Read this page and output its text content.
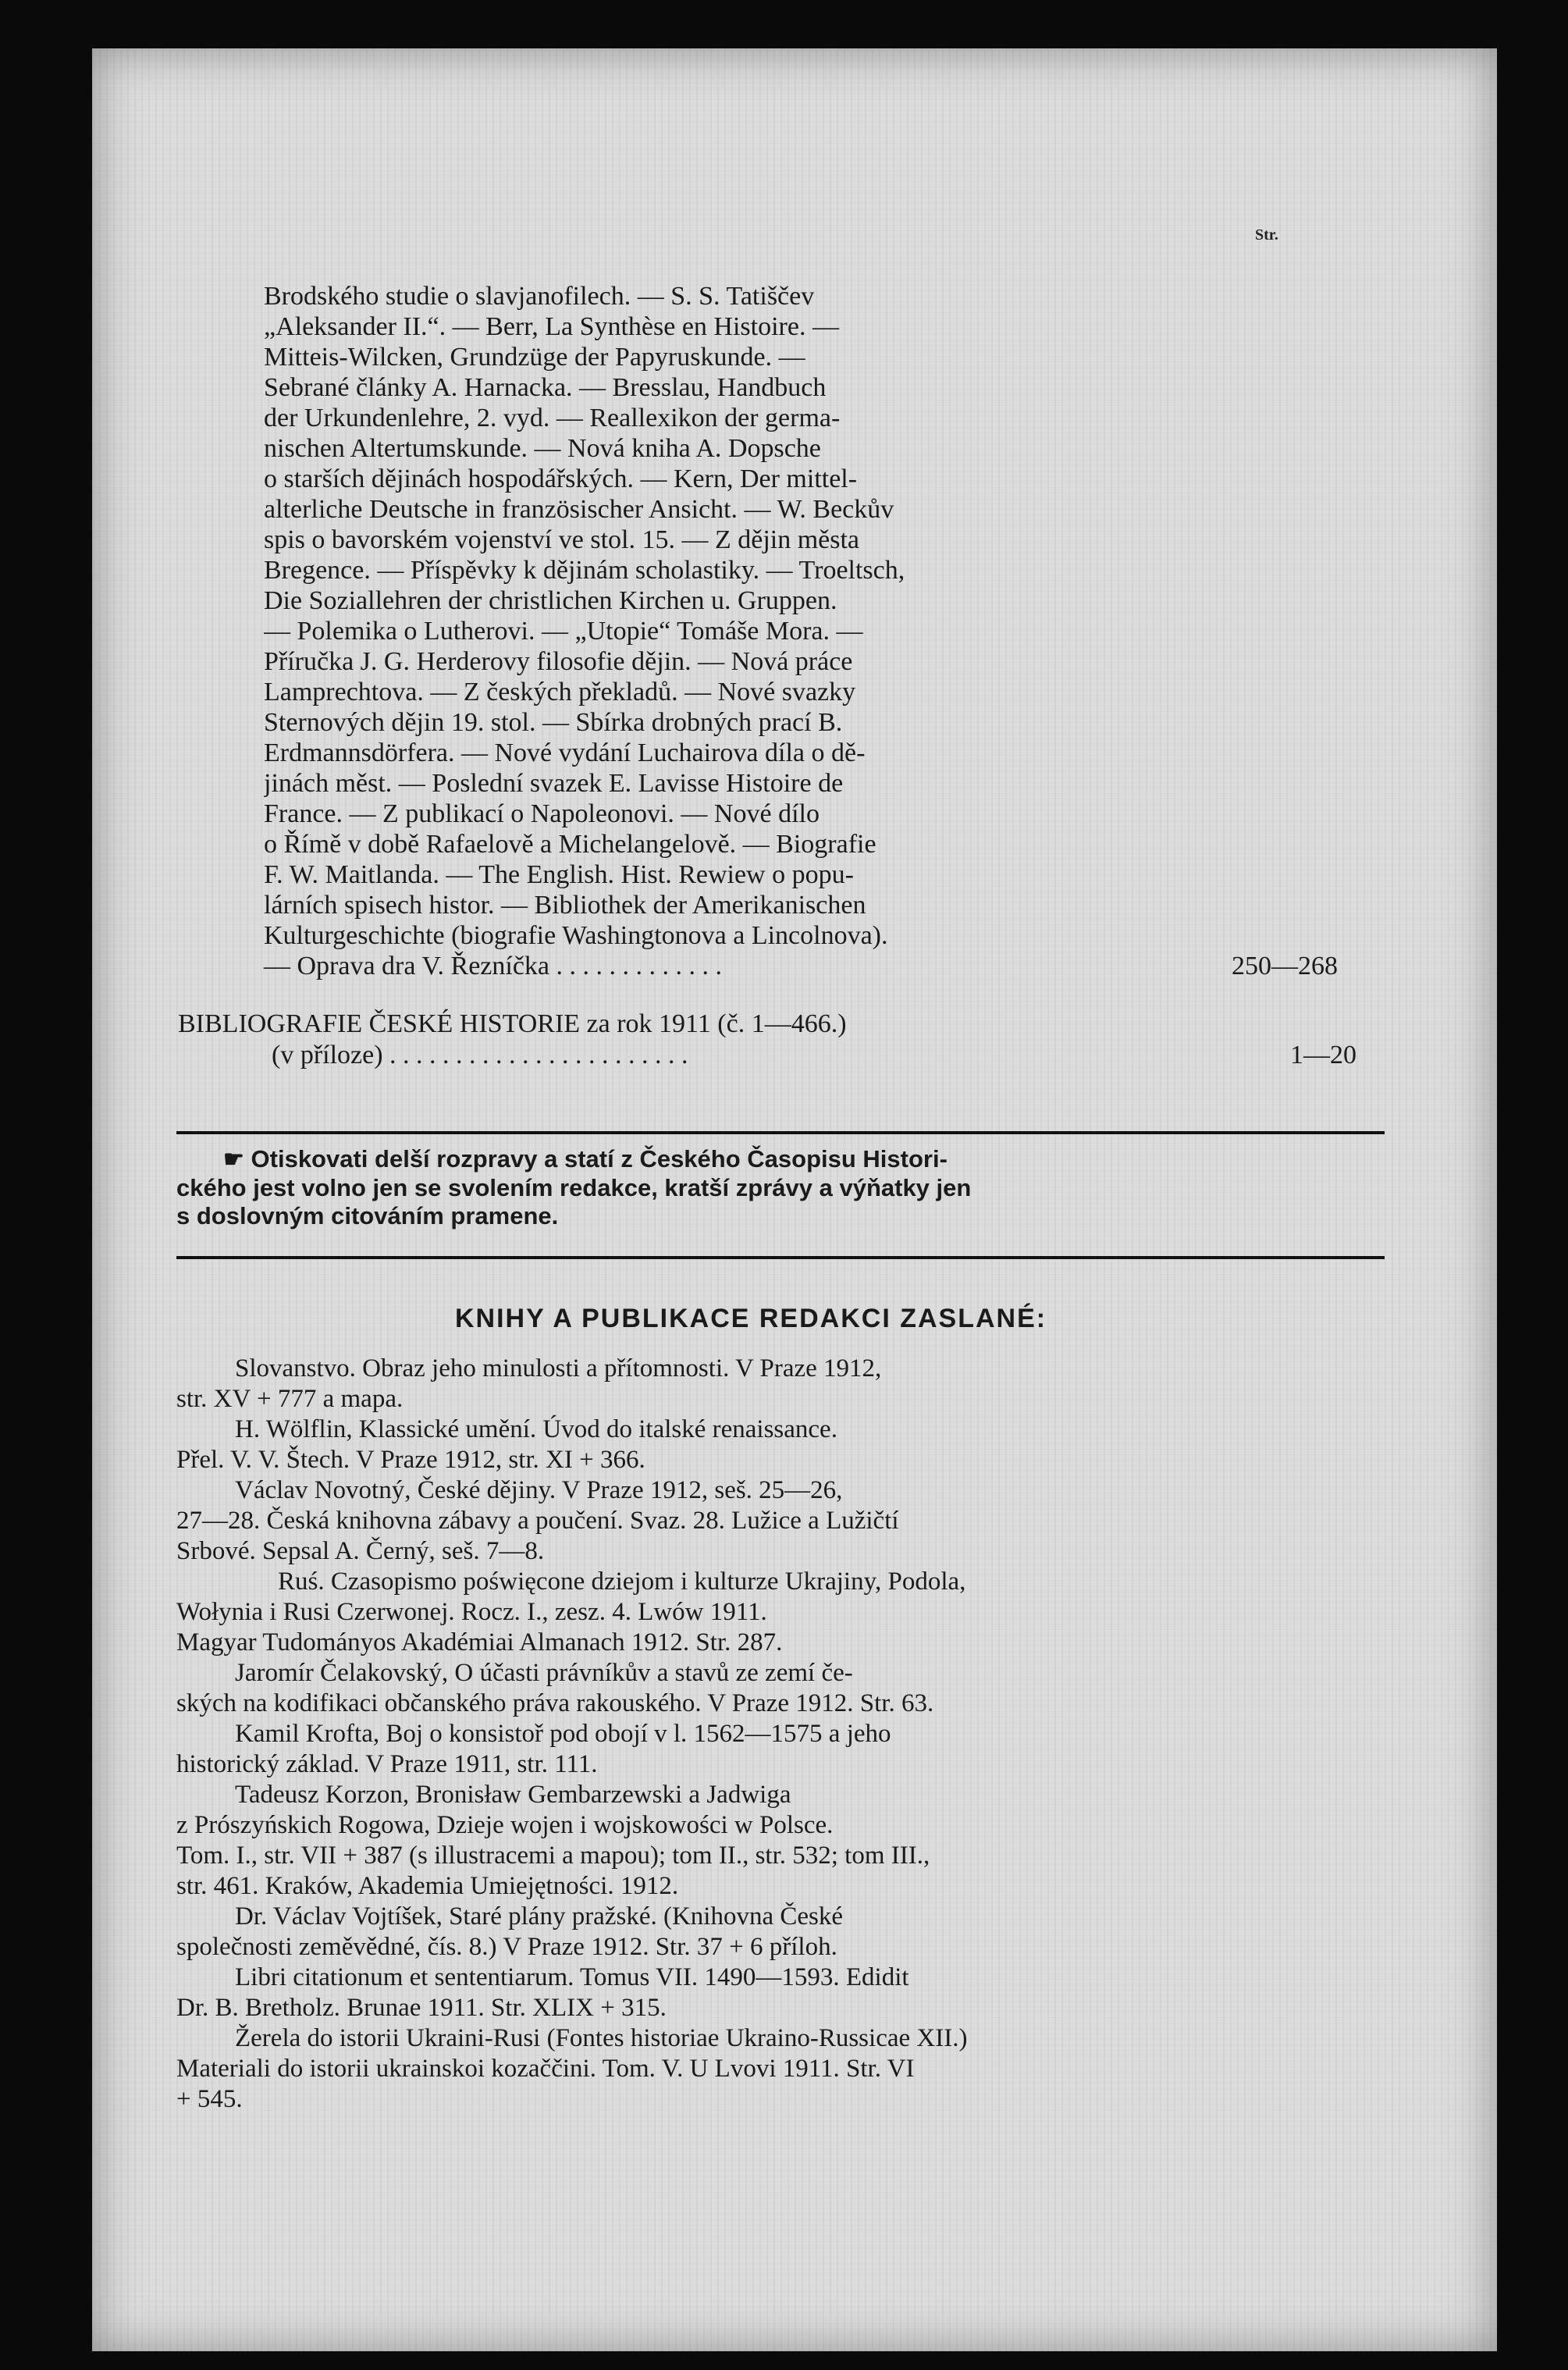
Str.
Brodského studie o slavjanofilech. — S. S. Tatiščev
„Aleksander II.“. — Berr, La Synthèse en Histoire. —
Mitteis-Wilcken, Grundzüge der Papyruskunde. —
Sebrané články A. Harnacka. — Bresslau, Handbuch
der Urkundenlehre, 2. vyd. — Reallexikon der germa-
nischen Altertumskunde. — Nová kniha A. Dopsche
o starších dějinách hospodářských. — Kern, Der mittel-
alterliche Deutsche in französischer Ansicht. — W. Beckův
spis o bavorském vojenství ve stol. 15. — Z dějin města
Bregence. — Příspěvky k dějinám scholastiky. — Troeltsch,
Die Soziallehren der christlichen Kirchen u. Gruppen.
— Polemika o Lutherovi. — „Utopie“ Tomáše Mora. —
Příručka J. G. Herderovy filosofie dějin. — Nová práce
Lamprechtova. — Z českých překladů. — Nové svazky
Sternových dějin 19. stol. — Sbírka drobných prací B.
Erdmannsdörfera. — Nové vydání Luchairova díla o dě-
jinách měst. — Poslední svazek E. Lavisse Histoire de
France. — Z publikací o Napoleonovi. — Nové dílo
o Římě v době Rafaelově a Michelangelově. — Biografie
F. W. Maitlanda. — The English. Hist. Rewiew o popu-
lárních spisech histor. — Bibliothek der Amerikanischen
Kulturgeschichte (biografie Washingtonova a Lincolnova).
— Oprava dra V. Řezníčka . . . . . . . . . . . . .	250—268
BIBLIOGRAFIE ČESKÉ HISTORIE za rok 1911 (č. 1—466.)
(v příloze) . . . . . . . . . . . . . . . . . . . . . . .	1—20
☛ Otiskovati delší rozpravy a statí z Českého Časopisu Histori-
ckého jest volno jen se svolením redakce, kratší zprávy a výňatky jen
s doslovným citováním pramene.
KNIHY A PUBLIKACE REDAKCI ZASLANÉ:
Slovanstvo. Obraz jeho minulosti a přítomnosti. V Praze 1912,
str. XV + 777 a mapa.
H. Wölflin, Klassické umění. Úvod do italské renaissance.
Přel. V. V. Štech. V Praze 1912, str. XI + 366.
Václav Novotný, České dějiny. V Praze 1912, seš. 25—26,
27—28. Česká knihovna zábavy a poučení. Svaz. 28. Lužice a Lužičtí
Srbové. Sepsal A. Černý, seš. 7—8.
Ruś. Czasopismo poświęcone dziejom i kulturze Ukrajiny, Podola,
Wołynia i Rusi Czerwonej. Rocz. I., zesz. 4. Lwów 1911.
Magyar Tudományos Akadémiai Almanach 1912. Str. 287.
Jaromír Čelakovský, O účasti právníkův a stavů ze zemí če-
ských na kodifikaci občanského práva rakouského. V Praze 1912. Str. 63.
Kamil Krofta, Boj o konsistoř pod obojí v l. 1562—1575 a jeho
historický základ. V Praze 1911, str. 111.
Tadeusz Korzon, Bronisław Gembarzewski a Jadwiga
z Prószyńskich Rogowa, Dzieje wojen i wojskowości w Polsce.
Tom. I., str. VII + 387 (s illustracemi a mapou); tom II., str. 532; tom III.,
str. 461. Kraków, Akademia Umiejętności. 1912.
Dr. Václav Vojtíšek, Staré plány pražské. (Knihovna České
společnosti zeměvědné, čís. 8.) V Praze 1912. Str. 37 + 6 příloh.
Libri citationum et sententiarum. Tomus VII. 1490—1593. Edidit
Dr. B. Bretholz. Brunae 1911. Str. XLIX + 315.
Žerela do istorii Ukraini-Rusi (Fontes historiae Ukraino-Russicae XII.)
Materiali do istorii ukrainskoi kozaččini. Tom. V. U Lvovi 1911. Str. VI
+ 545.
